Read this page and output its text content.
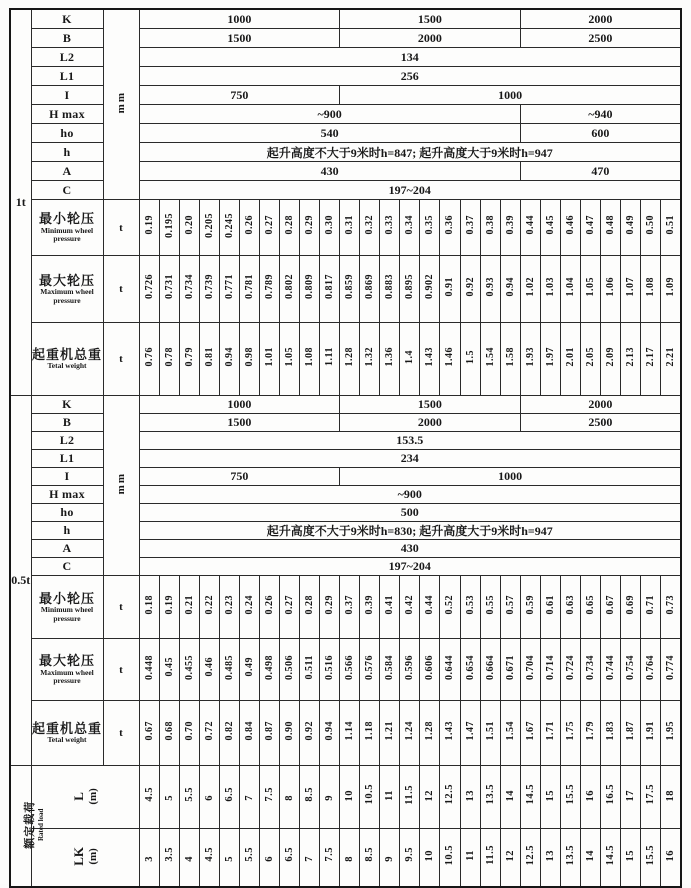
1t	K	mm	1000										1500									2000							
	B		1500										2000									2500							
	L2		134																										
	L1		256																										
	I		750										1000																
	H max		~900																			~940							
	ho		540																			600							
	h		起升高度不大于9米时h=847; 起升高度大于9米时h=947																										
	A		430																			470							
	C		197~204																										

	最小轮压
Minimum wheel pressure	t	0.19	0.195	0.20	0.205	0.245	0.26	0.27	0.28	0.29	0.30	0.31	0.32	0.33	0.34	0.35	0.36	0.37	0.38	0.39	0.44	0.45	0.46	0.47	0.48	0.49	0.50	0.51

	最大轮压
Maximum wheel pressure	t	0.726	0.731	0.734	0.739	0.771	0.781	0.789	0.802	0.809	0.817	0.859	0.869	0.883	0.895	0.902	0.91	0.92	0.93	0.94	1.02	1.03	1.04	1.05	1.06	1.07	1.08	1.09

	起重机总重
Tetal weight	t	0.76	0.78	0.79	0.81	0.94	0.98	1.01	1.05	1.08	1.11	1.28	1.32	1.36	1.4	1.43	1.46	1.5	1.54	1.58	1.93	1.97	2.01	2.05	2.09	2.13	2.17	2.21
0.5t	K	mm	1000										1500									2000							
	B		1500										2000									2500							
	L2		153.5																										
	L1		234																										
	I		750										1000																
	H max		~900																										
	ho		500																										
	h		起升高度不大于9米时h=830; 起升高度大于9米时h=947																										
	A		430																										
	C		197~204																										

	最小轮压
Minimum wheel pressure	t	0.18	0.19	0.21	0.22	0.23	0.24	0.26	0.27	0.28	0.29	0.37	0.39	0.41	0.42	0.44	0.52	0.53	0.55	0.57	0.59	0.61	0.63	0.65	0.67	0.69	0.71	0.73

	最大轮压
Maximum wheel pressure	t	0.448	0.45	0.455	0.46	0.485	0.49	0.498	0.506	0.511	0.516	0.566	0.576	0.584	0.596	0.606	0.644	0.654	0.664	0.671	0.704	0.714	0.724	0.734	0.744	0.754	0.764	0.774

	起重机总重
Tetal weight	t	0.67	0.68	0.70	0.72	0.82	0.84	0.87	0.90	0.92	0.94	1.14	1.18	1.21	1.24	1.28	1.43	1.47	1.51	1.54	1.67	1.71	1.75	1.79	1.83	1.87	1.91	1.95

额定载荷 Rated load

L (m)	4.5	5	5.5	6	6.5	7	7.5	8	8.5	9	10	10.5	11	11.5	12	12.5	13	13.5	14	14.5	15	15.5	16	16.5	17	17.5	18

	LK (m)		3	3.5	4	4.5	5	5.5	6	6.5	7	7.5	8	8.5	9	9.5	10	10.5	11	11.5	12	12.5	13	13.5	14	14.5	15	15.5	16
